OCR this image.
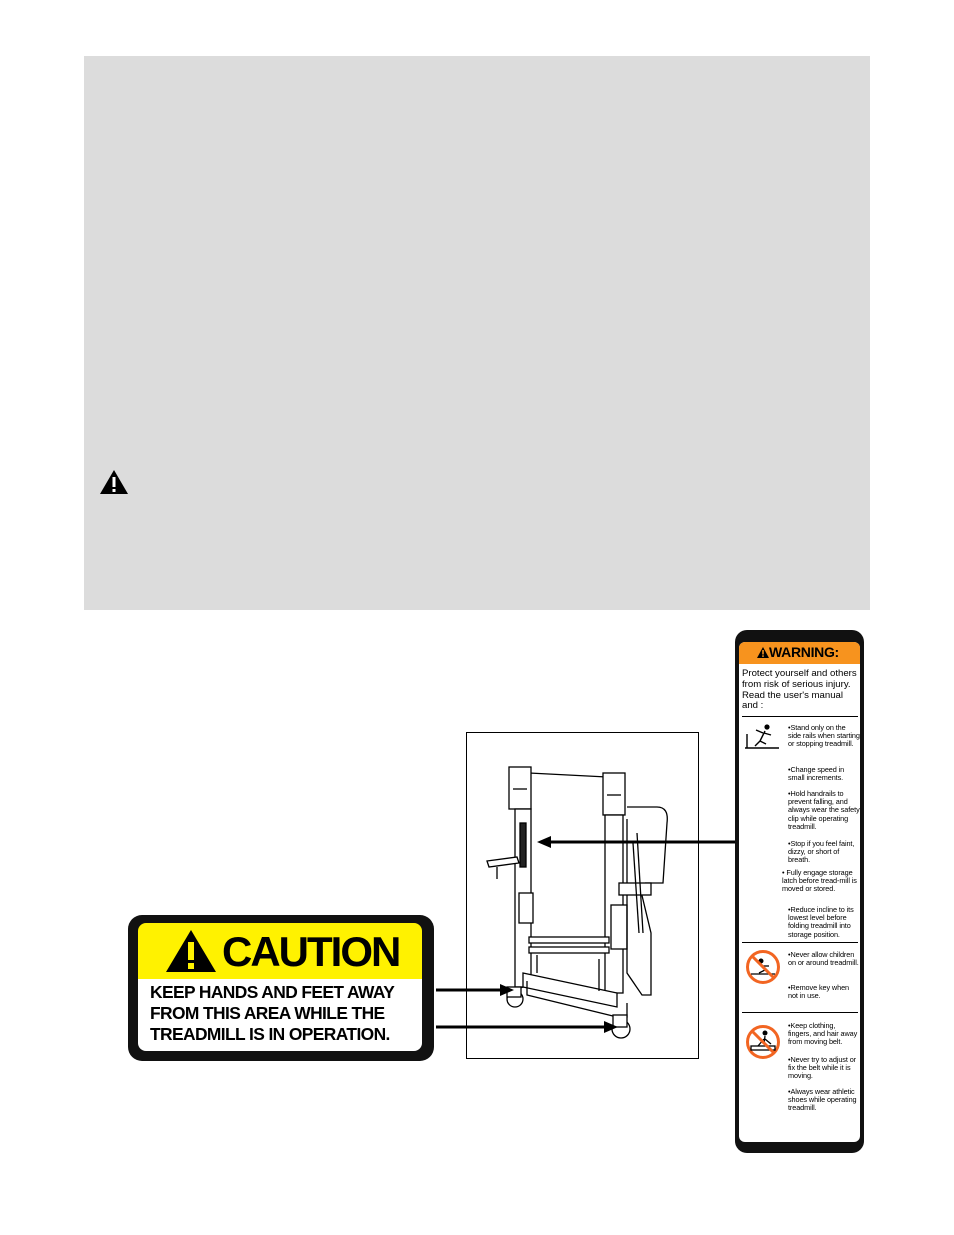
CAUTION
KEEP HANDS AND FEET AWAY FROM THIS AREA WHILE THE TREADMILL IS IN OPERATION.
WARNING:
Protect yourself and others from risk of serious injury. Read the user's manual and :
•Stand only on the side rails when starting or stopping treadmill.
•Change speed in small increments.
•Hold handrails to prevent falling, and always wear the safety clip while operating treadmill.
•Stop if you feel faint, dizzy, or short of breath.
• Fully engage storage latch before tread-mill is moved or stored.
•Reduce incline to its lowest level before folding treadmill into storage position.
•Never allow children on or around treadmill.
•Remove key when not in use.
•Keep clothing, fingers, and hair away from moving belt.
•Never try to adjust or fix the belt while it is moving.
•Always wear athletic shoes while operating treadmill.
